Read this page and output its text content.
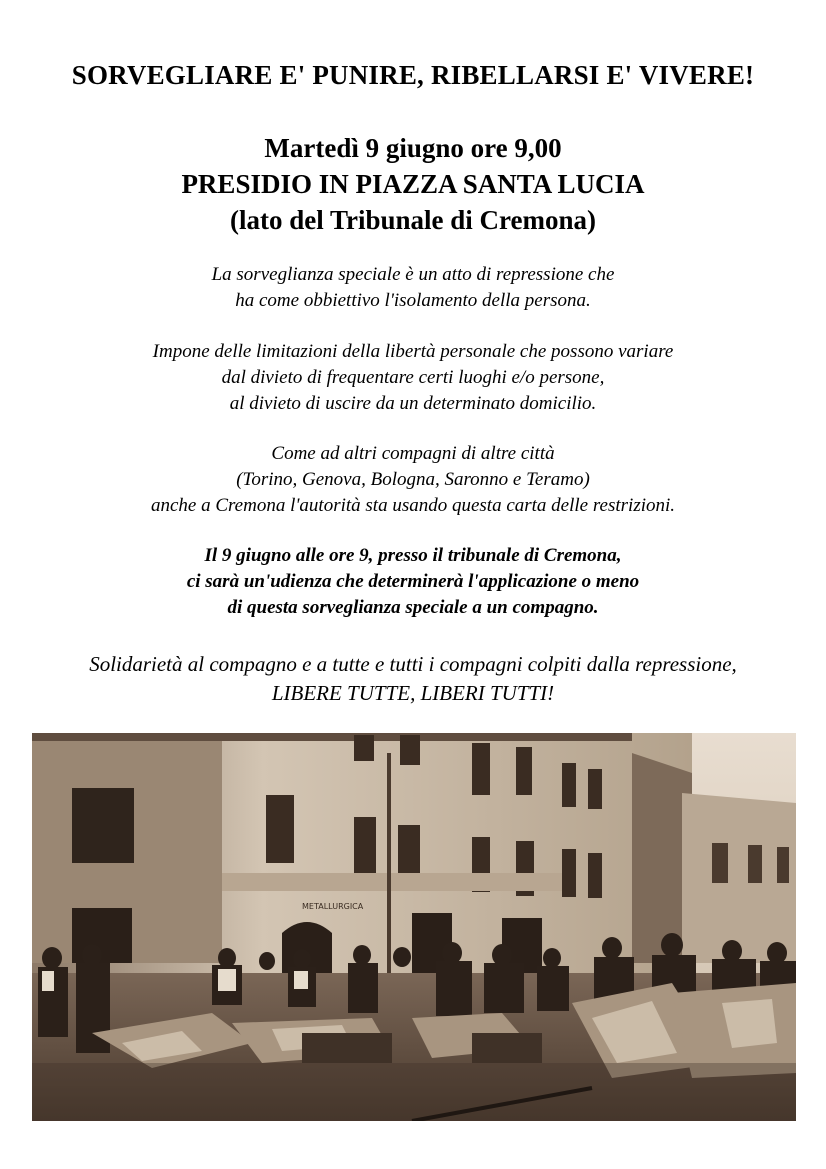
SORVEGLIARE E' PUNIRE, RIBELLARSI E' VIVERE!
Martedì 9 giugno ore 9,00
PRESIDIO IN PIAZZA SANTA LUCIA
(lato del Tribunale di Cremona)
La sorveglianza speciale è un atto di repressione che
ha come obbiettivo l'isolamento della persona.
Impone delle limitazioni della libertà personale che possono variare
dal divieto di frequentare certi luoghi e/o persone,
al divieto di uscire da un determinato domicilio.
Come ad altri compagni di altre città
(Torino, Genova, Bologna, Saronno e Teramo)
anche a Cremona l'autorità sta usando questa carta delle restrizioni.
Il 9 giugno alle ore 9, presso il tribunale di Cremona,
ci sarà un'udienza che determinerà l'applicazione o meno
di questa sorveglianza speciale a un compagno.
Solidarietà al compagno e a tutte e tutti i compagni colpiti dalla repressione,
LIBERE TUTTE, LIBERI TUTTI!
METALLURGICA
